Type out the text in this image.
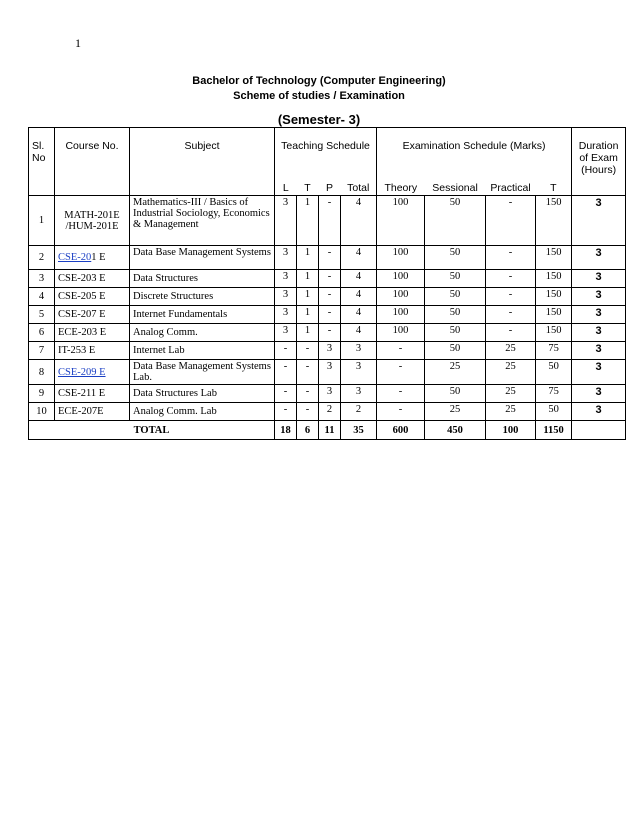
1
Bachelor of Technology (Computer Engineering)
Scheme of studies / Examination
(Semester- 3)
Sl. No	Course No.	Subject	Teaching Schedule				Examination Schedule (Marks)				Duration of Exam (Hours)
			L	T	P	Total	Theory	Sessional	Practical	T	
1	MATH-201E /HUM-201E	Mathematics-III / Basics of Industrial Sociology, Economics & Management	3	1	-	4	100	50	-	150	3
2	CSE-201 E	Data Base Management Systems	3	1	-	4	100	50	-	150	3
3	CSE-203 E	Data Structures	3	1	-	4	100	50	-	150	3
4	CSE-205 E	Discrete Structures	3	1	-	4	100	50	-	150	3
5	CSE-207 E	Internet Fundamentals	3	1	-	4	100	50	-	150	3
6	ECE-203 E	Analog Comm.	3	1	-	4	100	50	-	150	3
7	IT-253 E	Internet Lab	-	-	3	3	-	50	25	75	3
8	CSE-209 E	Data Base Management Systems Lab.	-	-	3	3	-	25	25	50	3
9	CSE-211 E	Data Structures Lab	-	-	3	3	-	50	25	75	3
10	ECE-207E	Analog Comm. Lab	-	-	2	2	-	25	25	50	3
TOTAL			18	6	11	35	600	450	100	1150	
